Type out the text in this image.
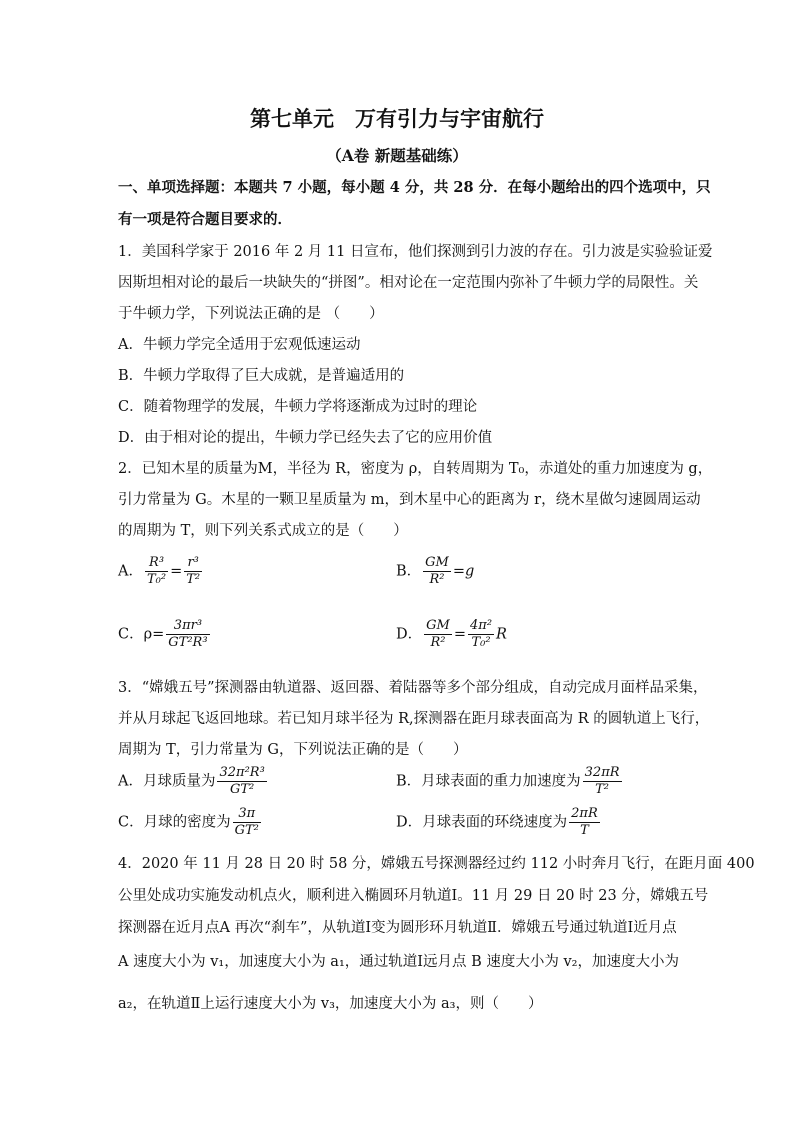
第七单元　万有引力与宇宙航行
（A卷 新题基础练）
一、单项选择题：本题共 7 小题，每小题 4 分，共 28 分．在每小题给出的四个选项中，只
有一项是符合题目要求的．
1．美国科学家于 2016 年 2 月 11 日宣布，他们探测到引力波的存在。引力波是实验验证爱
因斯坦相对论的最后一块缺失的“拼图”。相对论在一定范围内弥补了牛顿力学的局限性。关
于牛顿力学，下列说法正确的是 （　　）
A．牛顿力学完全适用于宏观低速运动
B．牛顿力学取得了巨大成就，是普遍适用的
C．随着物理学的发展，牛顿力学将逐渐成为过时的理论
D．由于相对论的提出，牛顿力学已经失去了它的应用价值
2．已知木星的质量为M，半径为 R，密度为 ρ，自转周期为 T₀，赤道处的重力加速度为 g，
引力常量为 G。木星的一颗卫星质量为 m，到木星中心的距离为 r，绕木星做匀速圆周运动
的周期为 T，则下列关系式成立的是（　　）
A． $\frac{\text{R³}}{\text{T₀²}} = \frac{\text{r³}}{\text{T²}}$	B． $\frac{GM}{\text{R²}} =g$
C．$\rho= \frac{\text{3πr³}}{\text{GT²R³}}$	D． $\frac{GM}{\text{R²}} = \frac{\text{4π²}}{\text{T₀²}}$ R
3．“嫦娥五号”探测器由轨道器、返回器、着陆器等多个部分组成，自动完成月面样品采集，
并从月球起飞返回地球。若已知月球半径为 R,探测器在距月球表面高为 R 的圆轨道上飞行，
周期为 T，引力常量为 G，下列说法正确的是（　　）
A．月球质量为 $\frac{\text{32π²R³}}{\text{GT²}}$	B．月球表面的重力加速度为 $\frac{32\pi R}{\text{T²}}$
C．月球的密度为 $\frac{3\pi}{\text{GT²}}$	D．月球表面的环绕速度为 $\frac{2\pi R}{T}$
4．2020 年 11 月 28 日 20 时 58 分，嫦娥五号探测器经过约 112 小时奔月飞行，在距月面 400
公里处成功实施发动机点火，顺利进入椭圆环月轨道Ⅰ。11 月 29 日 20 时 23 分，嫦娥五号
探测器在近月点A 再次“刹车”，从轨道Ⅰ变为圆形环月轨道Ⅱ．嫦娥五号通过轨道Ⅰ近月点
A 速度大小为 v₁，加速度大小为 a₁，通过轨道Ⅰ远月点 B 速度大小为 v₂，加速度大小为
a₂，在轨道Ⅱ上运行速度大小为 v₃，加速度大小为 a₃，则（　　）
